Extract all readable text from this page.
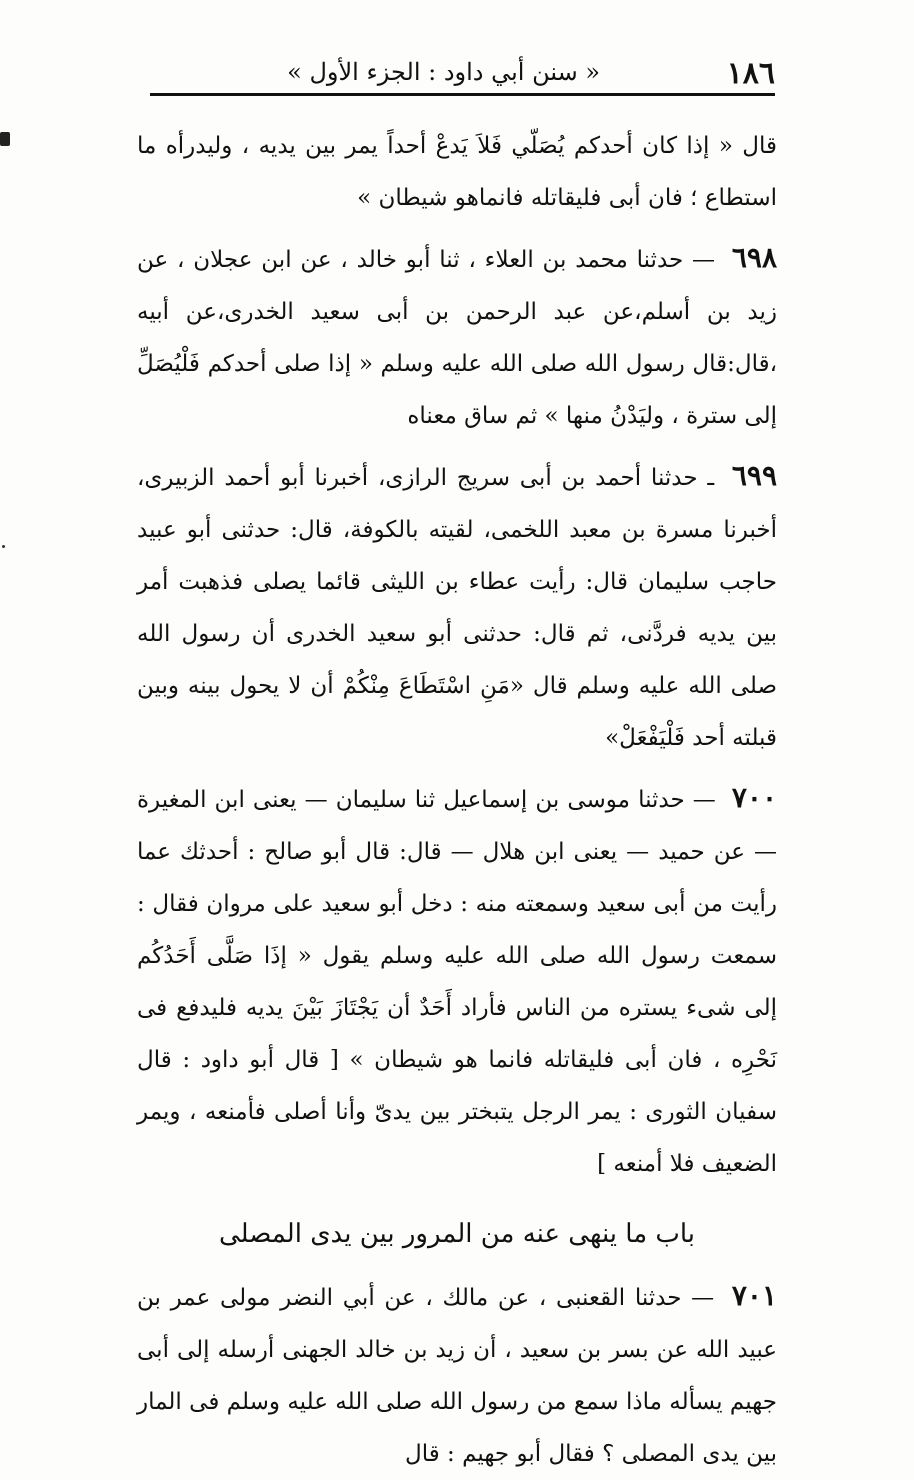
١٨٦
« سنن أبي داود : الجزء الأول »

قال « إذا كان أحدكم يُصَلّي فَلاَ يَدعْ أحداً يمر بين يديه ، وليدرأه ما استطاع ؛ فان أبى فليقاتله فانماهو شيطان »

٦٩٨ — حدثنا محمد بن العلاء ، ثنا أبو خالد ، عن ابن عجلان ، عن زيد بن أسلم،عن عبد الرحمن بن أبى سعيد الخدرى،عن أبيه ،قال:قال رسول الله صلى الله عليه وسلم « إذا صلى أحدكم فَلْيُصَلِّ إلى سترة ، وليَدْنُ منها » ثم ساق معناه

٦٩٩ ـ حدثنا أحمد بن أبى سريج الرازى، أخبرنا أبو أحمد الزبيرى، أخبرنا مسرة بن معبد اللخمى، لقيته بالكوفة، قال: حدثنى أبو عبيد حاجب سليمان قال: رأيت عطاء بن الليثى قائما يصلى فذهبت أمر بين يديه فردَّنى، ثم قال: حدثنى أبو سعيد الخدرى أن رسول الله صلى الله عليه وسلم قال «مَنِ اسْتَطَاعَ مِنْكُمْ أن لا يحول بينه وبين قبلته أحد فَلْيَفْعَلْ»

٧٠٠ — حدثنا موسى بن إسماعيل ثنا سليمان — يعنى ابن المغيرة — عن حميد — يعنى ابن هلال — قال: قال أبو صالح : أحدثك عما رأيت من أبى سعيد وسمعته منه : دخل أبو سعيد على مروان فقال : سمعت رسول الله صلى الله عليه وسلم يقول « إذَا صَلَّى أَحَدُكُم إلى شىء يستره من الناس فأراد أَحَدٌ أن يَجْتَازَ بَيْنَ يديه فليدفع فى نَحْرِه ، فان أبى فليقاتله فانما هو شيطان » [ قال أبو داود : قال سفيان الثورى : يمر الرجل يتبختر بين يدىّ وأنا أصلى فأمنعه ، ويمر الضعيف فلا أمنعه ]

باب ما ينهى عنه من المرور بين يدى المصلى

٧٠١ — حدثنا القعنبى ، عن مالك ، عن أبي النضر مولى عمر بن عبيد الله عن بسر بن سعيد ، أن زيد بن خالد الجهنى أرسله إلى أبى جهيم يسأله ماذا سمع من رسول الله صلى الله عليه وسلم فى المار بين يدى المصلى ؟ فقال أبو جهيم : قال
